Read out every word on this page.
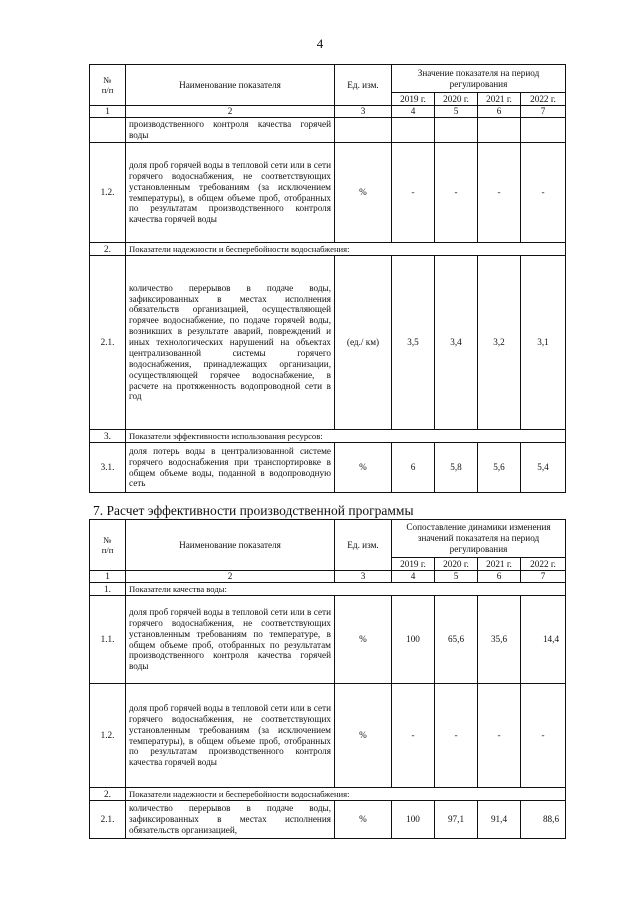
4
№
п/п	Наименование показателя	Ед. изм.	Значение показателя на период регулирования			
			2019 г.	2020 г.	2021 г.	2022 г.
1	2	3	4	5	6	7
	производственного контроля качества горячей воды					
1.2.	доля проб горячей воды в тепловой сети или в сети горячего водоснабжения, не соответствующих установленным требованиям (за исключением температуры), в общем объеме проб, отобранных по результатам производственного контроля качества горячей воды	%	-	-	-	-
2.	Показатели надежности и бесперебойности водоснабжения:					
2.1.	количество перерывов в подаче воды, зафиксированных в местах исполнения обязательств организацией, осуществляющей горячее водоснабжение, по подаче горячей воды, возникших в результате аварий, повреждений и иных технологических нарушений на объектах централизованной системы горячего водоснабжения, принадлежащих организации, осуществляющей горячее водоснабжение, в расчете на протяженность водопроводной сети в год	(ед./ км)	3,5	3,4	3,2	3,1
3.	Показатели эффективности использования ресурсов:					
3.1.	доля потерь воды в централизованной системе горячего водоснабжения при транспортировке в общем объеме воды, поданной в водопроводную сеть	%	6	5,8	5,6	5,4
7. Расчет эффективности производственной программы
№
п/п	Наименование показателя	Ед. изм.	Сопоставление динамики изменения значений показателя на период регулирования			
			2019 г.	2020 г.	2021 г.	2022 г.
1	2	3	4	5	6	7
1.	Показатели качества воды:					
1.1.	доля проб горячей воды в тепловой сети или в сети горячего водоснабжения, не соответствующих установленным требованиям по температуре, в общем объеме проб, отобранных по результатам производственного контроля качества горячей воды	%	100	65,6	35,6	14,4
1.2.	доля проб горячей воды в тепловой сети или в сети горячего водоснабжения, не соответствующих установленным требованиям (за исключением температуры), в общем объеме проб, отобранных по результатам производственного контроля качества горячей воды	%	-	-	-	-
2.	Показатели надежности и бесперебойности водоснабжения:					
2.1.	количество перерывов в подаче воды, зафиксированных в местах исполнения обязательств организацией,	%	100	97,1	91,4	88,6
